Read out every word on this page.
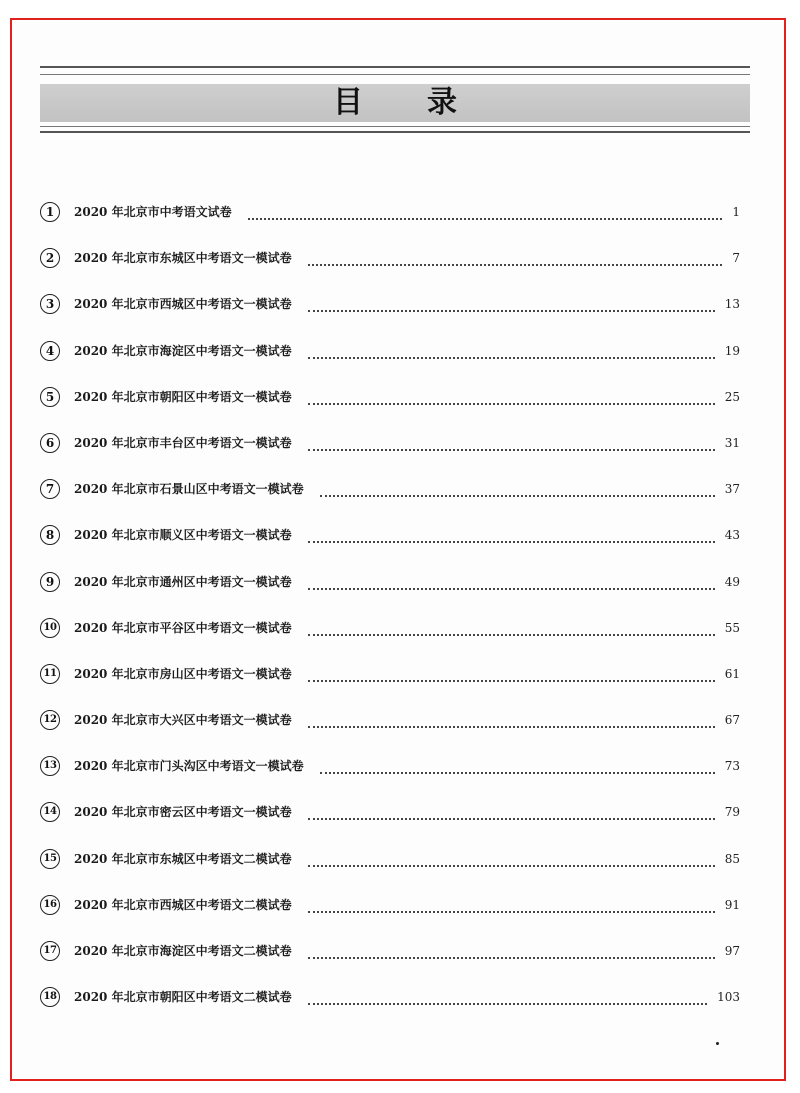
目录
1	2020 年北京市中考语文试卷	1
2	2020 年北京市东城区中考语文一模试卷	7
3	2020 年北京市西城区中考语文一模试卷	13
4	2020 年北京市海淀区中考语文一模试卷	19
5	2020 年北京市朝阳区中考语文一模试卷	25
6	2020 年北京市丰台区中考语文一模试卷	31
7	2020 年北京市石景山区中考语文一模试卷	37
8	2020 年北京市顺义区中考语文一模试卷	43
9	2020 年北京市通州区中考语文一模试卷	49
10 2020 年北京市平谷区中考语文一模试卷	55
11 2020 年北京市房山区中考语文一模试卷	61
12 2020 年北京市大兴区中考语文一模试卷	67
13 2020 年北京市门头沟区中考语文一模试卷	73
14 2020 年北京市密云区中考语文一模试卷	79
15 2020 年北京市东城区中考语文二模试卷	85
16 2020 年北京市西城区中考语文二模试卷	91
17 2020 年北京市海淀区中考语文二模试卷	97
18 2020 年北京市朝阳区中考语文二模试卷	103
